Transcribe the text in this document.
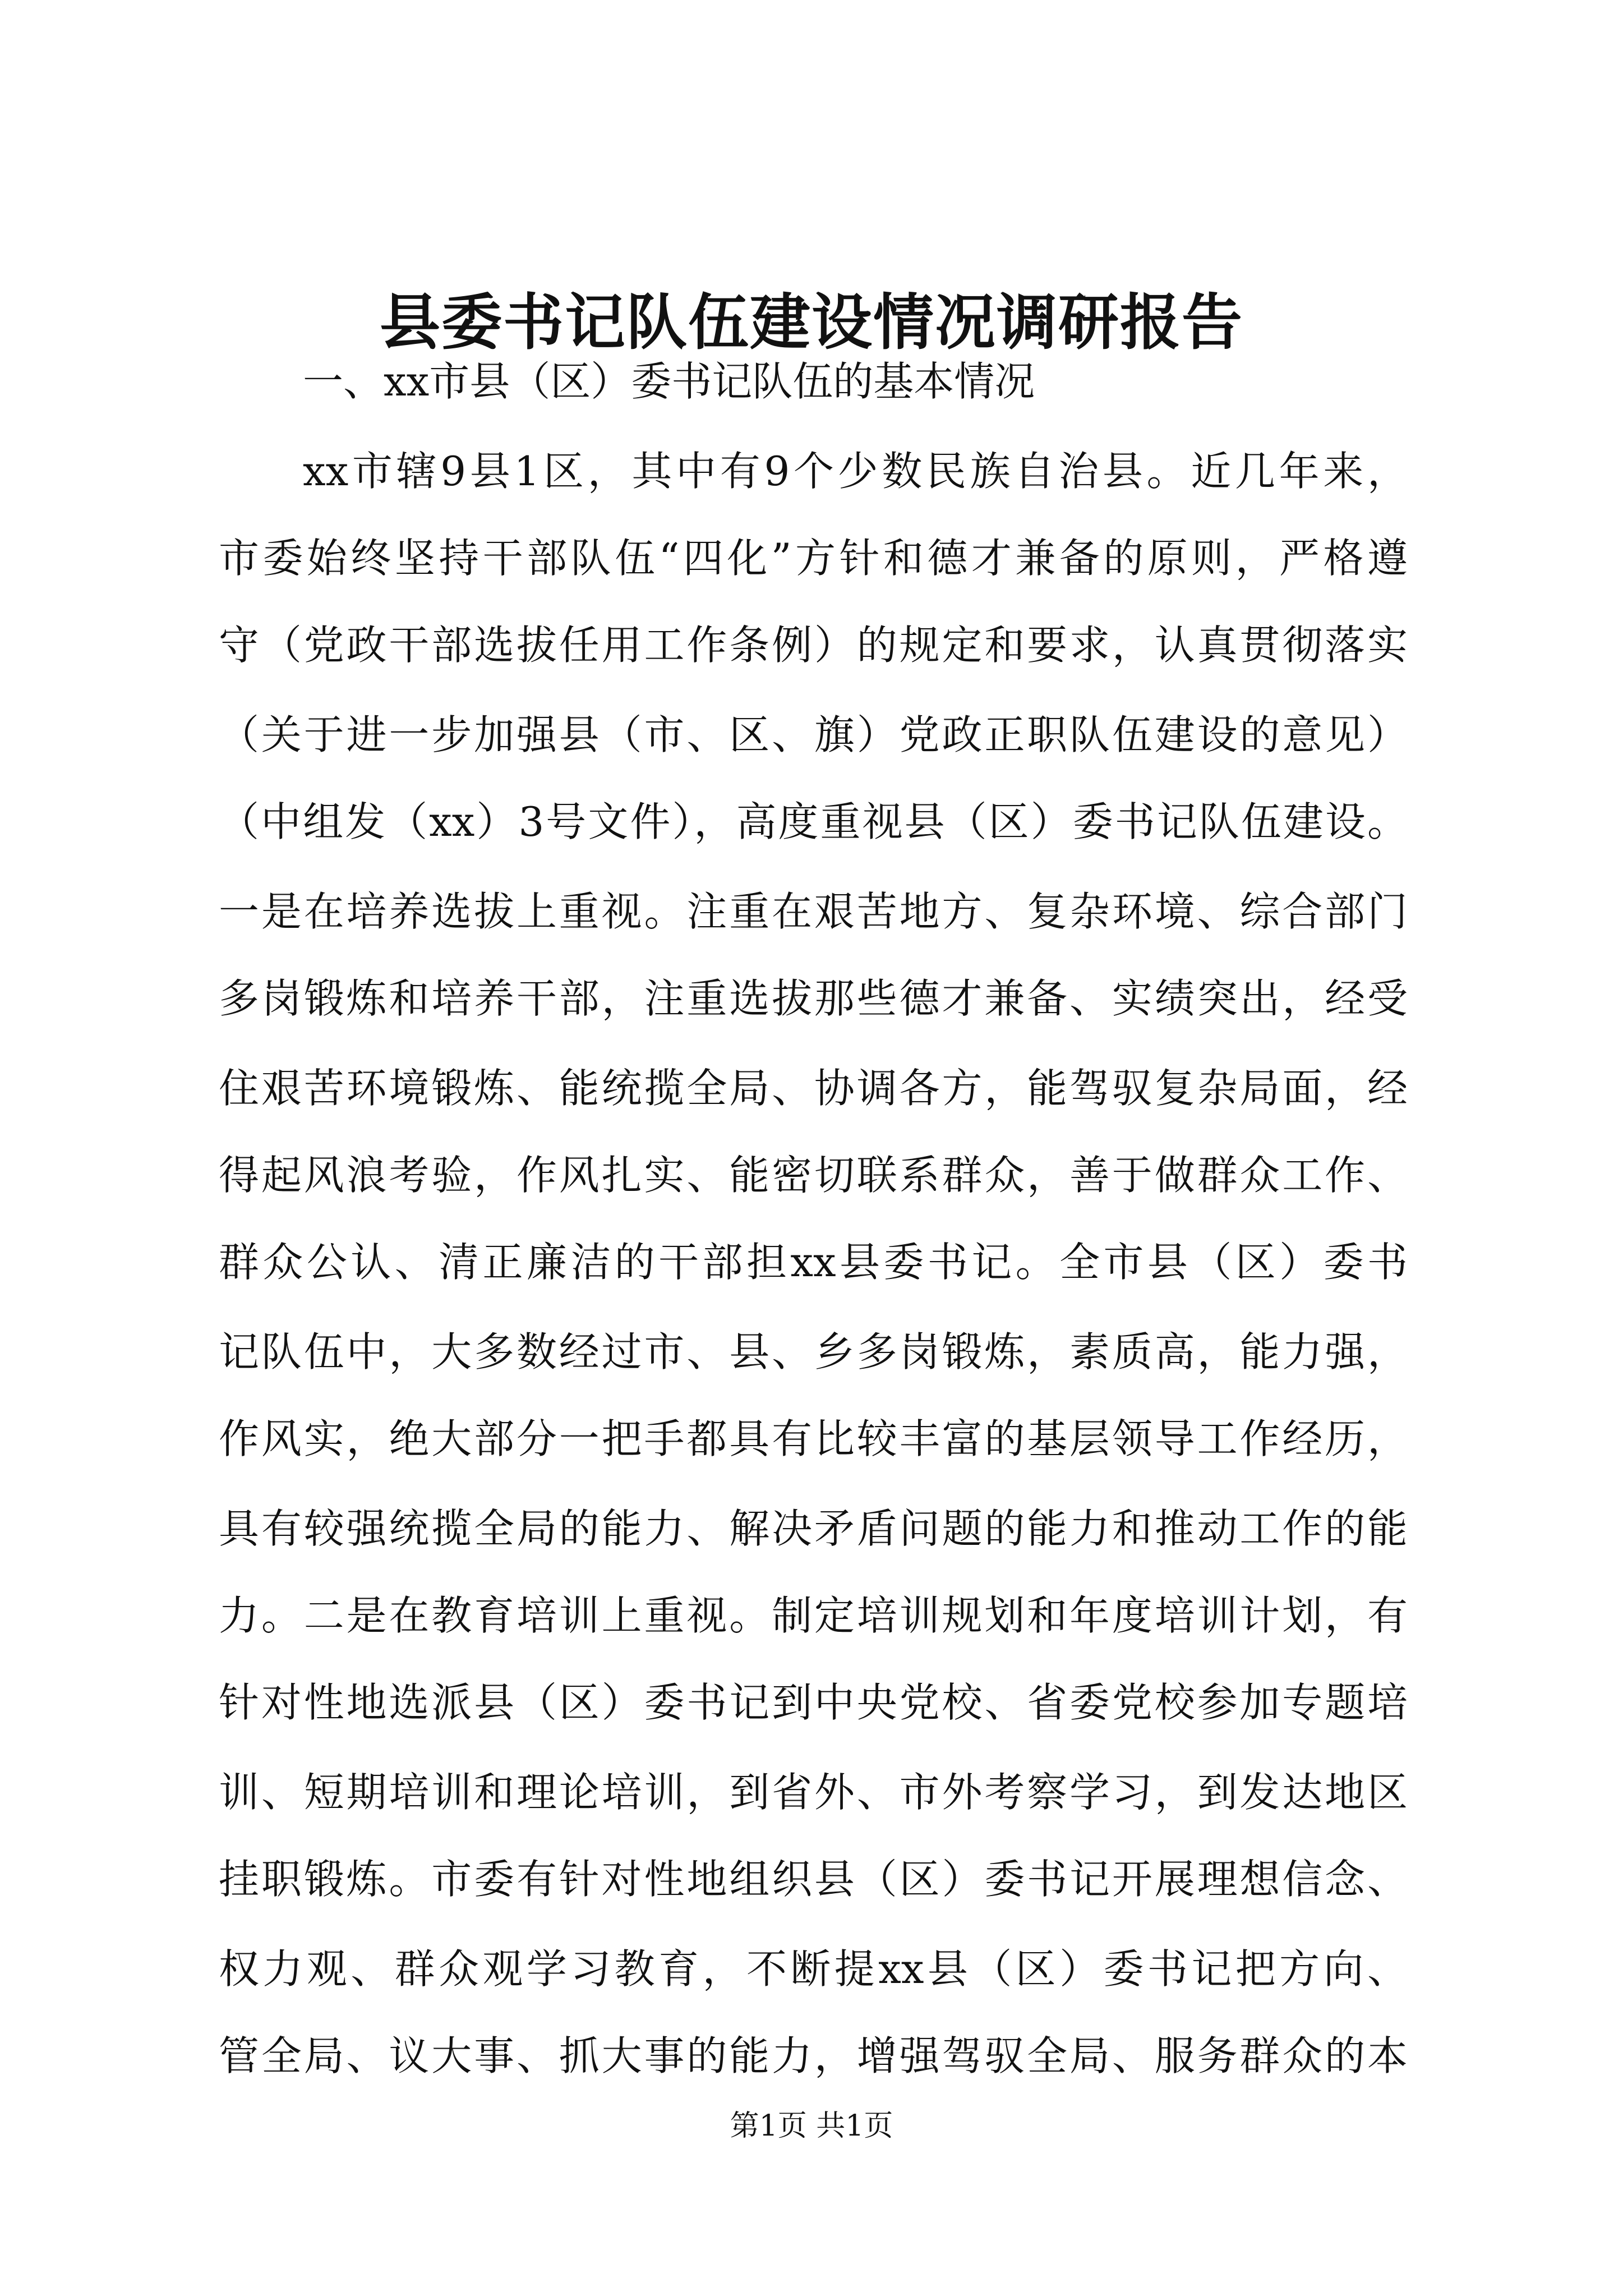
县委书记队伍建设情况调研报告
一、xx市县（区）委书记队伍的基本情况
xx市辖9县1区，其中有9个少数民族自治县。近几年来，
市委始终坚持干部队伍“四化”方针和德才兼备的原则，严格遵
守（党政干部选拔任用工作条例）的规定和要求，认真贯彻落实
（关于进一步加强县（市、区、旗）党政正职队伍建设的意见）
（中组发（xx）3号文件），高度重视县（区）委书记队伍建设。
一是在培养选拔上重视。注重在艰苦地方、复杂环境、综合部门
多岗锻炼和培养干部，注重选拔那些德才兼备、实绩突出，经受
住艰苦环境锻炼、能统揽全局、协调各方，能驾驭复杂局面，经
得起风浪考验，作风扎实、能密切联系群众，善于做群众工作、
群众公认、清正廉洁的干部担xx县委书记。全市县（区）委书
记队伍中，大多数经过市、县、乡多岗锻炼，素质高，能力强，
作风实，绝大部分一把手都具有比较丰富的基层领导工作经历，
具有较强统揽全局的能力、解决矛盾问题的能力和推动工作的能
力。二是在教育培训上重视。制定培训规划和年度培训计划，有
针对性地选派县（区）委书记到中央党校、省委党校参加专题培
训、短期培训和理论培训，到省外、市外考察学习，到发达地区
挂职锻炼。市委有针对性地组织县（区）委书记开展理想信念、
权力观、群众观学习教育，不断提xx县（区）委书记把方向、
管全局、议大事、抓大事的能力，增强驾驭全局、服务群众的本
第1页 共1页
